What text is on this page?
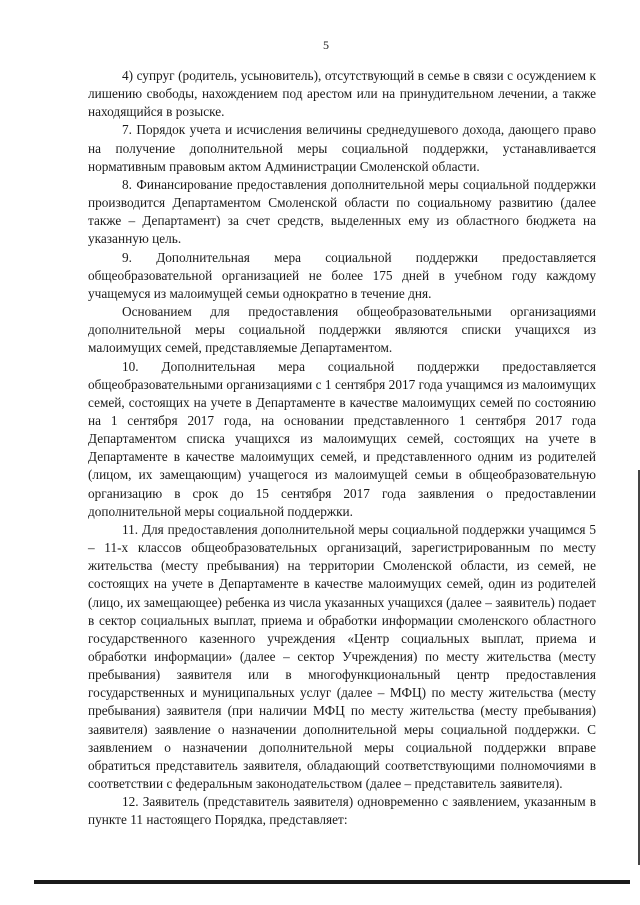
5

4) супруг (родитель, усыновитель), отсутствующий в семье в связи с осуждением к лишению свободы, нахождением под арестом или на принудительном лечении, а также находящийся в розыске.

7. Порядок учета и исчисления величины среднедушевого дохода, дающего право на получение дополнительной меры социальной поддержки, устанавливается нормативным правовым актом Администрации Смоленской области.

8. Финансирование предоставления дополнительной меры социальной поддержки производится Департаментом Смоленской области по социальному развитию (далее также – Департамент) за счет средств, выделенных ему из областного бюджета на указанную цель.

9. Дополнительная мера социальной поддержки предоставляется общеобразовательной организацией не более 175 дней в учебном году каждому учащемуся из малоимущей семьи однократно в течение дня.

Основанием для предоставления общеобразовательными организациями дополнительной меры социальной поддержки являются списки учащихся из малоимущих семей, представляемые Департаментом.

10. Дополнительная мера социальной поддержки предоставляется общеобразовательными организациями с 1 сентября 2017 года учащимся из малоимущих семей, состоящих на учете в Департаменте в качестве малоимущих семей по состоянию на 1 сентября 2017 года, на основании представленного 1 сентября 2017 года Департаментом списка учащихся из малоимущих семей, состоящих на учете в Департаменте в качестве малоимущих семей, и представленного одним из родителей (лицом, их замещающим) учащегося из малоимущей семьи в общеобразовательную организацию в срок до 15 сентября 2017 года заявления о предоставлении дополнительной меры социальной поддержки.

11. Для предоставления дополнительной меры социальной поддержки учащимся 5 – 11-х классов общеобразовательных организаций, зарегистрированным по месту жительства (месту пребывания) на территории Смоленской области, из семей, не состоящих на учете в Департаменте в качестве малоимущих семей, один из родителей (лицо, их замещающее) ребенка из числа указанных учащихся (далее – заявитель) подает в сектор социальных выплат, приема и обработки информации смоленского областного государственного казенного учреждения «Центр социальных выплат, приема и обработки информации» (далее – сектор Учреждения) по месту жительства (месту пребывания) заявителя или в многофункциональный центр предоставления государственных и муниципальных услуг (далее – МФЦ) по месту жительства (месту пребывания) заявителя (при наличии МФЦ по месту жительства (месту пребывания) заявителя) заявление о назначении дополнительной меры социальной поддержки. С заявлением о назначении дополнительной меры социальной поддержки вправе обратиться представитель заявителя, обладающий соответствующими полномочиями в соответствии с федеральным законодательством (далее – представитель заявителя).

12. Заявитель (представитель заявителя) одновременно с заявлением, указанным в пункте 11 настоящего Порядка, представляет:
